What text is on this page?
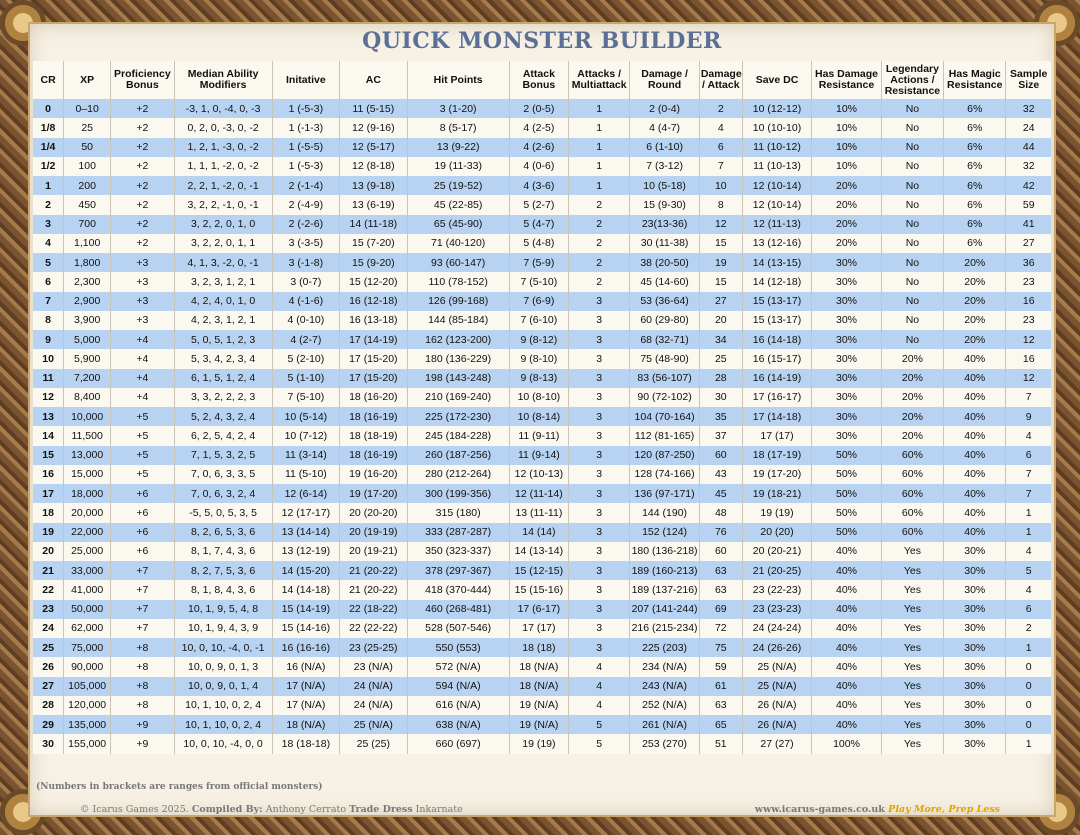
QUICK MONSTER BUILDER
CR	XP	Proficiency Bonus	Median Ability Modifiers	Initative	AC	Hit Points	Attack Bonus	Attacks / Multiattack	Damage / Round	Damage / Attack	Save DC	Has Damage Resistance	Legendary Actions / Resistance	Has Magic Resistance	Sample Size
0	0–10	+2	-3, 1, 0, -4, 0, -3	1 (-5-3)	11 (5-15)	3 (1-20)	2 (0-5)	1	2 (0-4)	2	10 (12-12)	10%	No	6%	32
1/8	25	+2	0, 2, 0, -3, 0, -2	1 (-1-3)	12 (9-16)	8 (5-17)	4 (2-5)	1	4 (4-7)	4	10 (10-10)	10%	No	6%	24
1/4	50	+2	1, 2, 1, -3, 0, -2	1 (-5-5)	12 (5-17)	13 (9-22)	4 (2-6)	1	6 (1-10)	6	11 (10-12)	10%	No	6%	44
1/2	100	+2	1, 1, 1, -2, 0, -2	1 (-5-3)	12 (8-18)	19 (11-33)	4 (0-6)	1	7 (3-12)	7	11 (10-13)	10%	No	6%	32
1	200	+2	2, 2, 1, -2, 0, -1	2 (-1-4)	13 (9-18)	25 (19-52)	4 (3-6)	1	10 (5-18)	10	12 (10-14)	20%	No	6%	42
2	450	+2	3, 2, 2, -1, 0, -1	2 (-4-9)	13 (6-19)	45 (22-85)	5 (2-7)	2	15 (9-30)	8	12 (10-14)	20%	No	6%	59
3	700	+2	3, 2, 2, 0, 1, 0	2 (-2-6)	14 (11-18)	65 (45-90)	5 (4-7)	2	23(13-36)	12	12 (11-13)	20%	No	6%	41
4	1,100	+2	3, 2, 2, 0, 1, 1	3 (-3-5)	15 (7-20)	71 (40-120)	5 (4-8)	2	30 (11-38)	15	13 (12-16)	20%	No	6%	27
5	1,800	+3	4, 1, 3, -2, 0, -1	3 (-1-8)	15 (9-20)	93 (60-147)	7 (5-9)	2	38 (20-50)	19	14 (13-15)	30%	No	20%	36
6	2,300	+3	3, 2, 3, 1, 2, 1	3 (0-7)	15 (12-20)	110 (78-152)	7 (5-10)	2	45 (14-60)	15	14 (12-18)	30%	No	20%	23
7	2,900	+3	4, 2, 4, 0, 1, 0	4 (-1-6)	16 (12-18)	126 (99-168)	7 (6-9)	3	53 (36-64)	27	15 (13-17)	30%	No	20%	16
8	3,900	+3	4, 2, 3, 1, 2, 1	4 (0-10)	16 (13-18)	144 (85-184)	7 (6-10)	3	60 (29-80)	20	15 (13-17)	30%	No	20%	23
9	5,000	+4	5, 0, 5, 1, 2, 3	4 (2-7)	17 (14-19)	162 (123-200)	9 (8-12)	3	68 (32-71)	34	16 (14-18)	30%	No	20%	12
10	5,900	+4	5, 3, 4, 2, 3, 4	5 (2-10)	17 (15-20)	180 (136-229)	9 (8-10)	3	75 (48-90)	25	16 (15-17)	30%	20%	40%	16
11	7,200	+4	6, 1, 5, 1, 2, 4	5 (1-10)	17 (15-20)	198 (143-248)	9 (8-13)	3	83 (56-107)	28	16 (14-19)	30%	20%	40%	12
12	8,400	+4	3, 3, 2, 2, 2, 3	7 (5-10)	18 (16-20)	210 (169-240)	10 (8-10)	3	90 (72-102)	30	17 (16-17)	30%	20%	40%	7
13	10,000	+5	5, 2, 4, 3, 2, 4	10 (5-14)	18 (16-19)	225 (172-230)	10 (8-14)	3	104 (70-164)	35	17 (14-18)	30%	20%	40%	9
14	11,500	+5	6, 2, 5, 4, 2, 4	10 (7-12)	18 (18-19)	245 (184-228)	11 (9-11)	3	112 (81-165)	37	17 (17)	30%	20%	40%	4
15	13,000	+5	7, 1, 5, 3, 2, 5	11 (3-14)	18 (16-19)	260 (187-256)	11 (9-14)	3	120 (87-250)	60	18 (17-19)	50%	60%	40%	6
16	15,000	+5	7, 0, 6, 3, 3, 5	11 (5-10)	19 (16-20)	280 (212-264)	12 (10-13)	3	128 (74-166)	43	19 (17-20)	50%	60%	40%	7
17	18,000	+6	7, 0, 6, 3, 2, 4	12 (6-14)	19 (17-20)	300 (199-356)	12 (11-14)	3	136 (97-171)	45	19 (18-21)	50%	60%	40%	7
18	20,000	+6	-5, 5, 0, 5, 3, 5	12 (17-17)	20 (20-20)	315 (180)	13 (11-11)	3	144 (190)	48	19 (19)	50%	60%	40%	1
19	22,000	+6	8, 2, 6, 5, 3, 6	13 (14-14)	20 (19-19)	333 (287-287)	14 (14)	3	152 (124)	76	20 (20)	50%	60%	40%	1
20	25,000	+6	8, 1, 7, 4, 3, 6	13 (12-19)	20 (19-21)	350 (323-337)	14 (13-14)	3	180 (136-218)	60	20 (20-21)	40%	Yes	30%	4
21	33,000	+7	8, 2, 7, 5, 3, 6	14 (15-20)	21 (20-22)	378 (297-367)	15 (12-15)	3	189 (160-213)	63	21 (20-25)	40%	Yes	30%	5
22	41,000	+7	8, 1, 8, 4, 3, 6	14 (14-18)	21 (20-22)	418 (370-444)	15 (15-16)	3	189 (137-216)	63	23 (22-23)	40%	Yes	30%	4
23	50,000	+7	10, 1, 9, 5, 4, 8	15 (14-19)	22 (18-22)	460 (268-481)	17 (6-17)	3	207 (141-244)	69	23 (23-23)	40%	Yes	30%	6
24	62,000	+7	10, 1, 9, 4, 3, 9	15 (14-16)	22 (22-22)	528 (507-546)	17 (17)	3	216 (215-234)	72	24 (24-24)	40%	Yes	30%	2
25	75,000	+8	10, 0, 10, -4, 0, -1	16 (16-16)	23 (25-25)	550 (553)	18 (18)	3	225 (203)	75	24 (26-26)	40%	Yes	30%	1
26	90,000	+8	10, 0, 9, 0, 1, 3	16 (N/A)	23 (N/A)	572 (N/A)	18 (N/A)	4	234 (N/A)	59	25 (N/A)	40%	Yes	30%	0
27	105,000	+8	10, 0, 9, 0, 1, 4	17 (N/A)	24 (N/A)	594 (N/A)	18 (N/A)	4	243 (N/A)	61	25 (N/A)	40%	Yes	30%	0
28	120,000	+8	10, 1, 10, 0, 2, 4	17 (N/A)	24 (N/A)	616 (N/A)	19 (N/A)	4	252 (N/A)	63	26 (N/A)	40%	Yes	30%	0
29	135,000	+9	10, 1, 10, 0, 2, 4	18 (N/A)	25 (N/A)	638 (N/A)	19 (N/A)	5	261 (N/A)	65	26 (N/A)	40%	Yes	30%	0
30	155,000	+9	10, 0, 10, -4, 0, 0	18 (18-18)	25 (25)	660 (697)	19 (19)	5	253 (270)	51	27 (27)	100%	Yes	30%	1
(Numbers in brackets are ranges from official monsters)
© Icarus Games 2025. Compiled By: Anthony Cerrato Trade Dress Inkarnate	www.icarus-games.co.uk Play More, Prep Less
